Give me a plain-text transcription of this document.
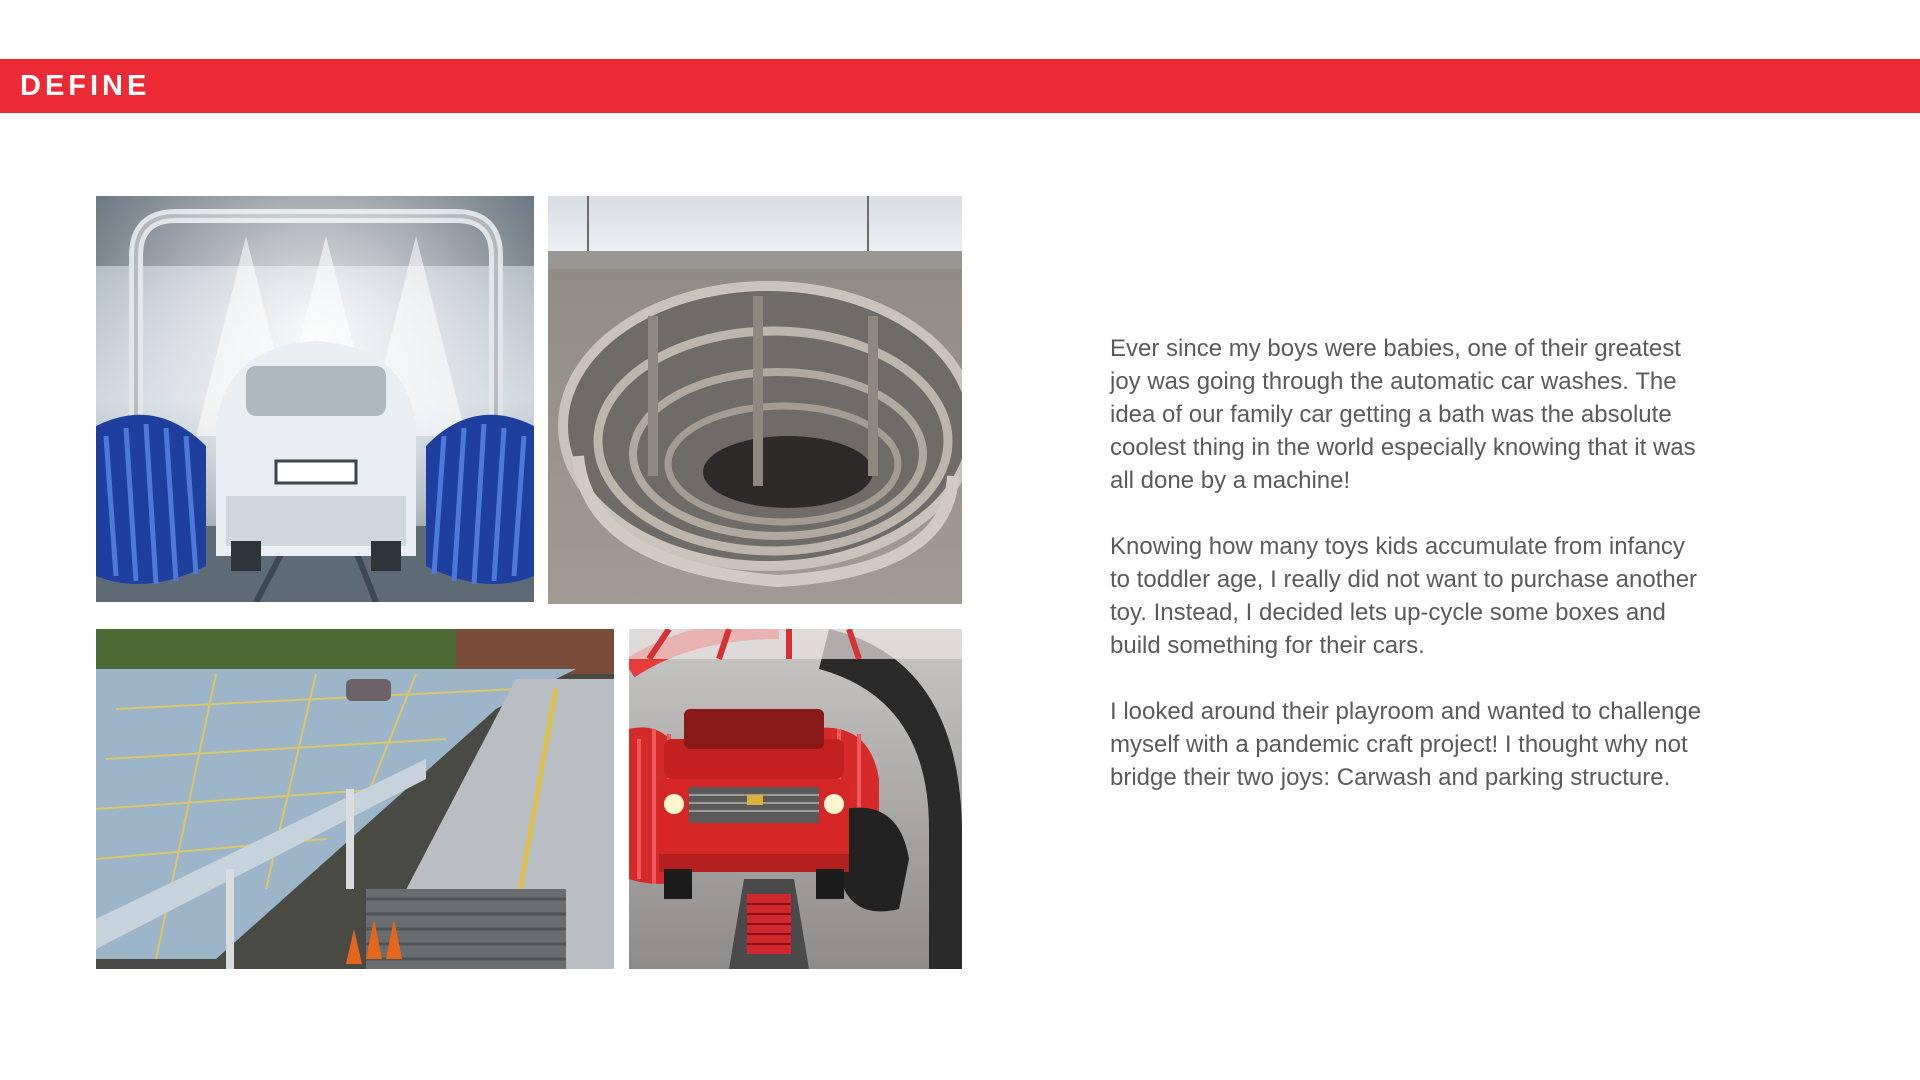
DEFINE

Ever since my boys were babies, one of their greatest joy was going through the automatic car washes. The idea of our family car getting a bath was the absolute coolest thing in the world especially knowing that it was all done by a machine!

Knowing how many toys kids accumulate from infancy to toddler age, I really did not want to purchase another toy. Instead, I decided lets up-cycle some boxes and build something for their cars.

I looked around their playroom and wanted to challenge myself with a pandemic craft project! I thought why not bridge their two joys: Carwash and parking structure.
